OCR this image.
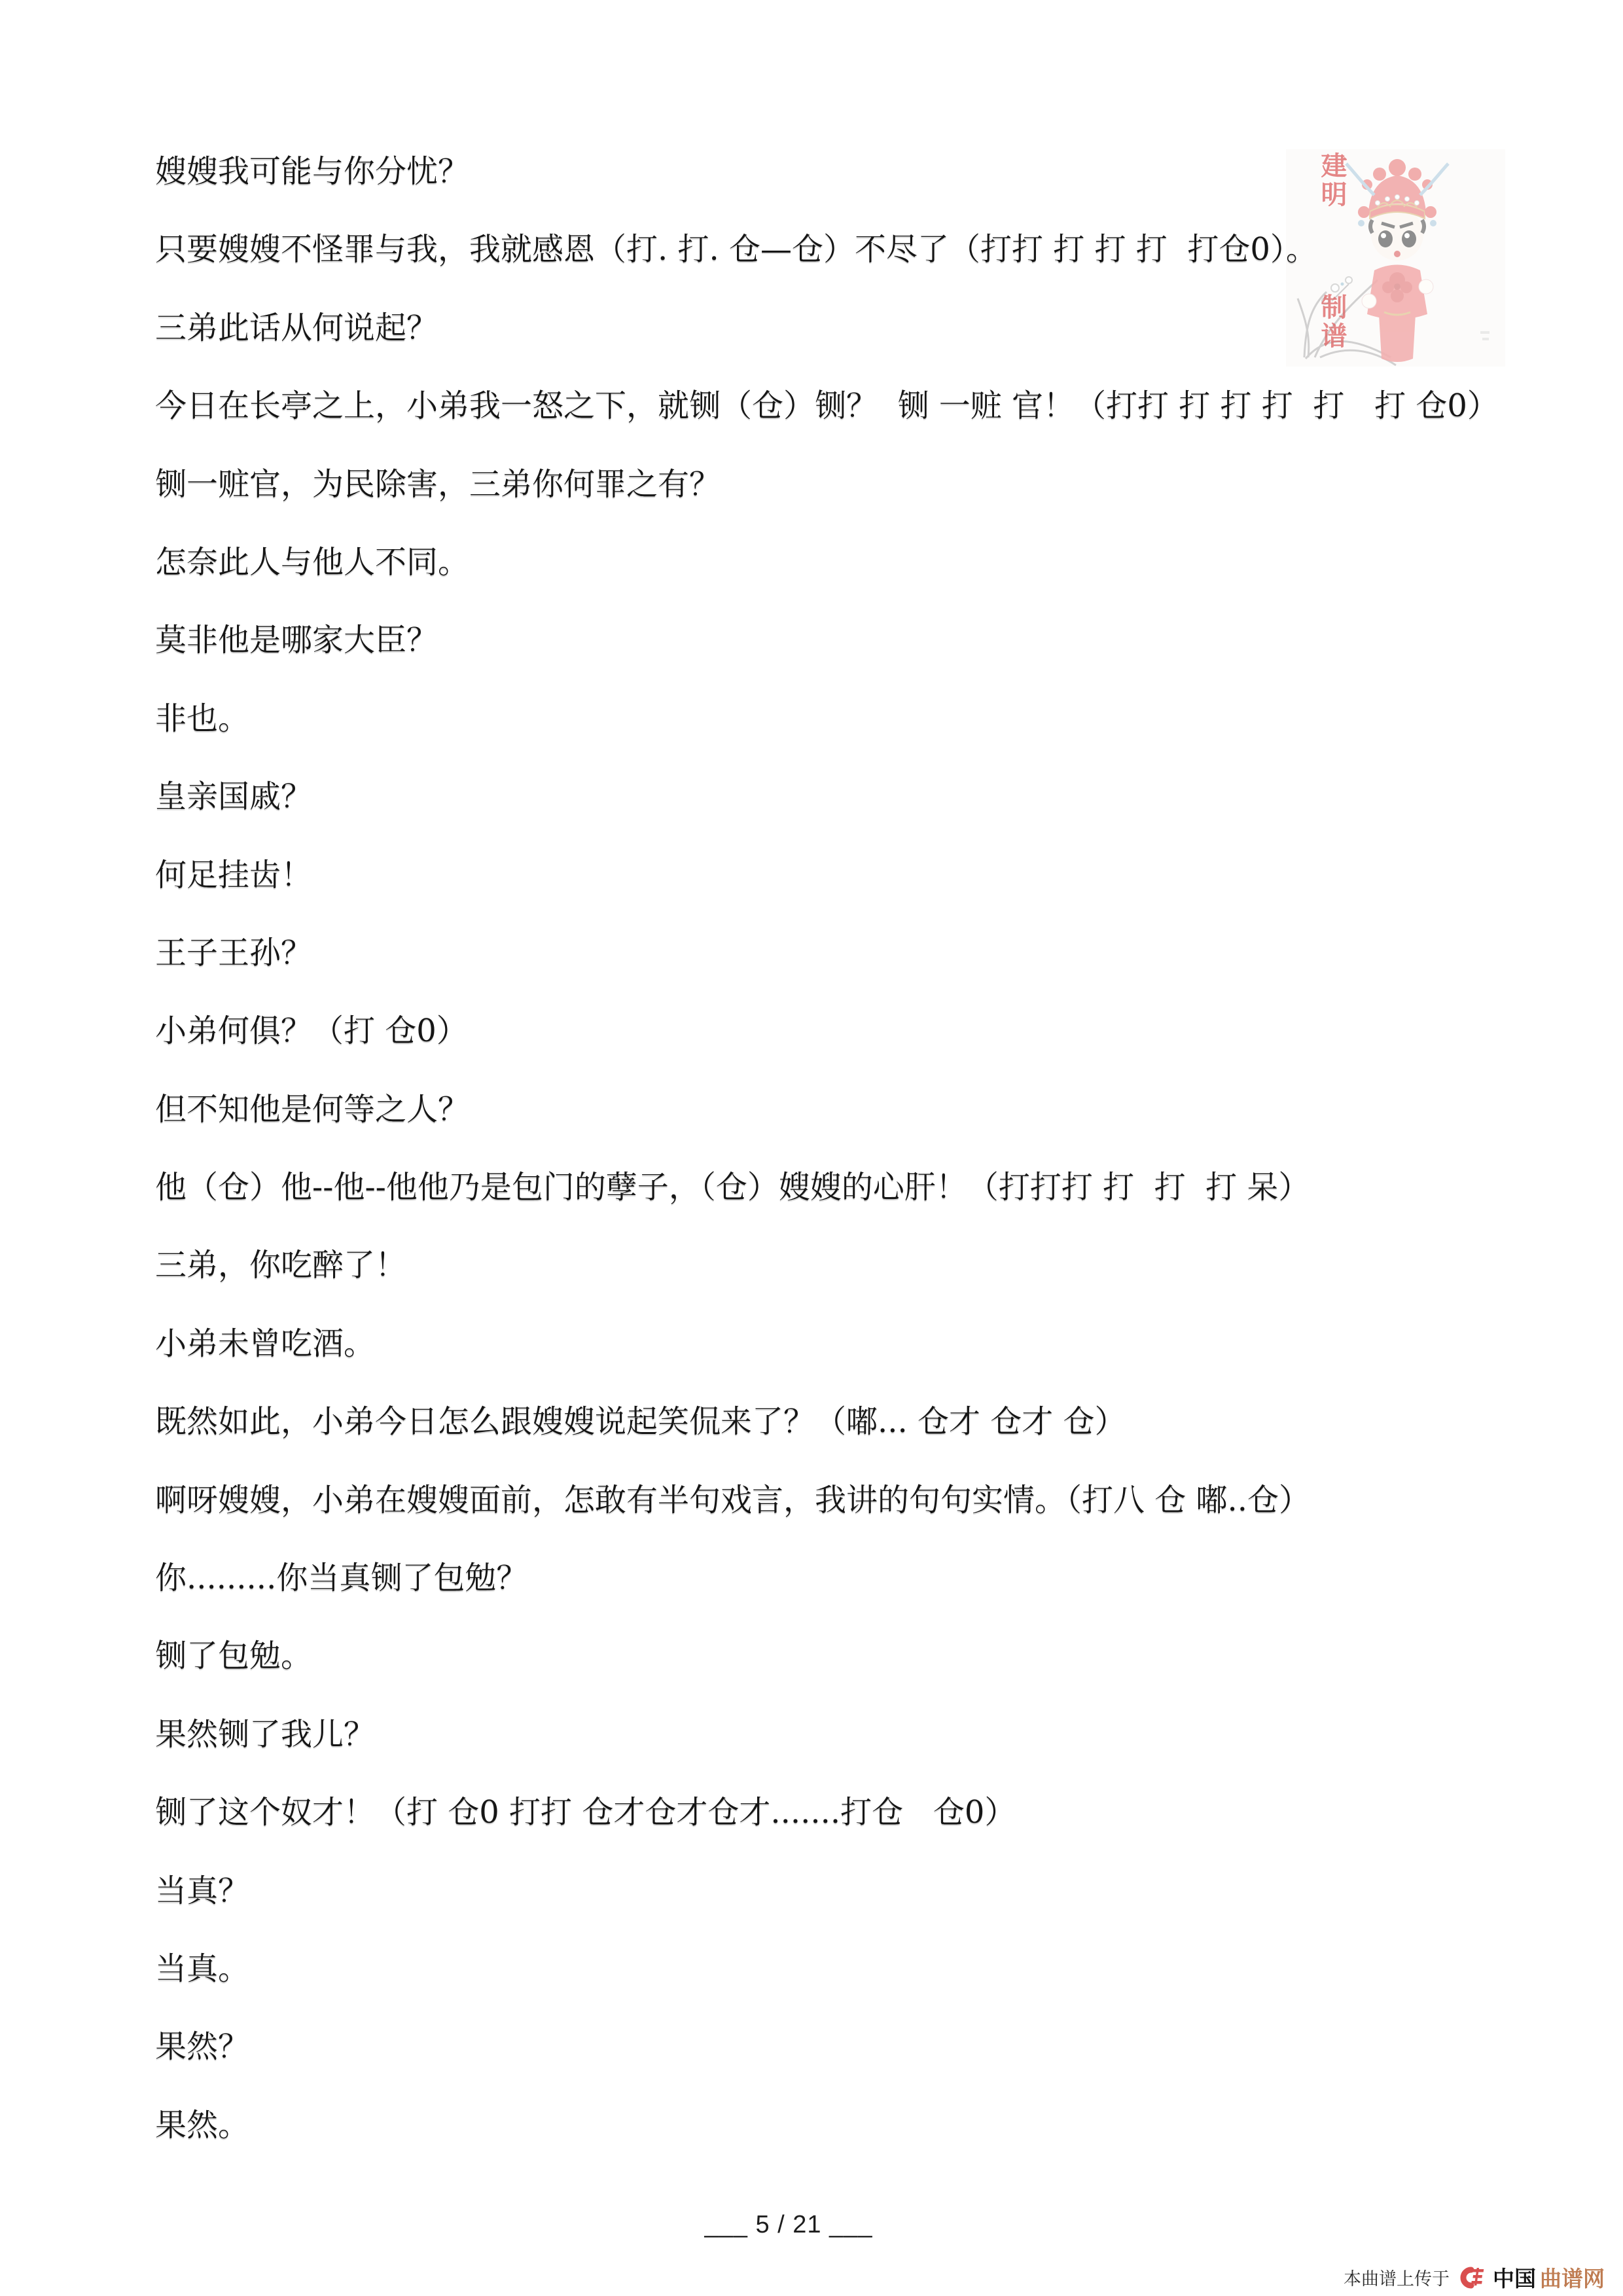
建明  制谱

嫂嫂我可能与你分忧？

只要嫂嫂不怪罪与我，我就感恩（打. 打. 仓—仓）不尽了（打打 打 打 打  打仓0）。

三弟此话从何说起？

今日在长亭之上，小弟我一怒之下，就铡（仓）铡？  铡 一赃 官！（打打 打 打 打  打   打 仓0）

铡一赃官，为民除害，三弟你何罪之有？

怎奈此人与他人不同。

莫非他是哪家大臣？

非也。

皇亲国戚？

何足挂齿！

王子王孙？

小弟何俱？（打 仓0）

但不知他是何等之人？

他（仓）他--他--他他乃是包门的孽子，（仓）嫂嫂的心肝！（打打打 打  打  打 呆）

三弟，你吃醉了！

小弟未曾吃酒。

既然如此，小弟今日怎么跟嫂嫂说起笑侃来了？（嘟... 仓才 仓才 仓）

啊呀嫂嫂，小弟在嫂嫂面前，怎敢有半句戏言，我讲的句句实情。（打八 仓 嘟..仓）

你.........你当真铡了包勉？

铡了包勉。

果然铡了我儿？

铡了这个奴才！（打 仓0 打打 仓才仓才仓才.......打仓   仓0）

当真？

当真。

果然？

果然。

___ 5 / 21 ___
本曲谱上传于 中国 曲谱网
